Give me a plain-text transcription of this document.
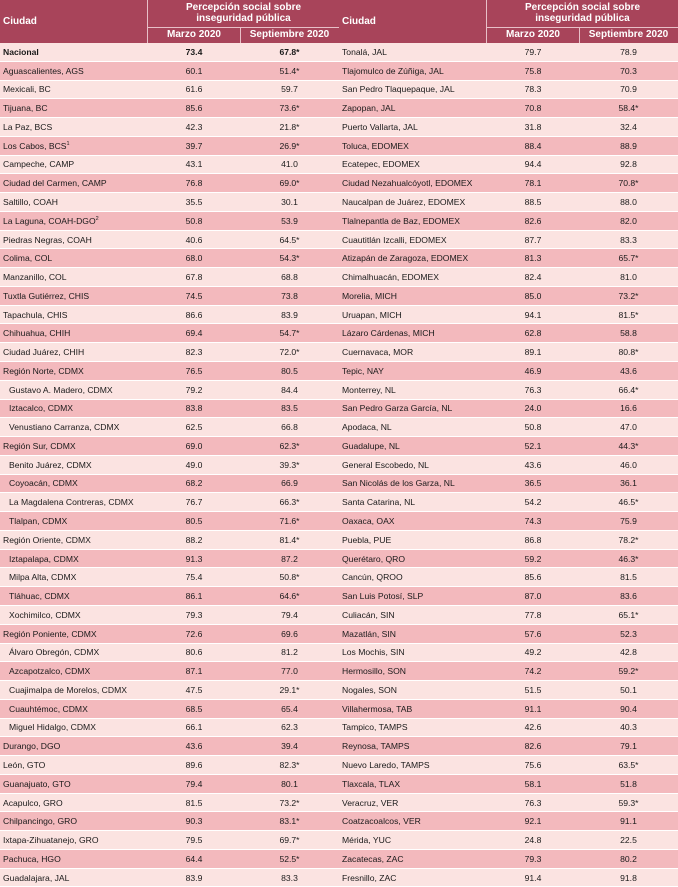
Ciudad
Percepción social sobre
inseguridad pública
Marzo 2020	Septiembre 2020
Nacional	73.4	67.8*
Aguascalientes, AGS	60.1	51.4*
Mexicali, BC	61.6	59.7
Tijuana, BC	85.6	73.6*
La Paz, BCS	42.3	21.8*
Los Cabos, BCS$^1$	39.7	26.9*
Campeche, CAMP	43.1	41.0
Ciudad del Carmen, CAMP	76.8	69.0*
Saltillo, COAH	35.5	30.1
La Laguna, COAH-DGO$^2$	50.8	53.9
Piedras Negras, COAH	40.6	64.5*
Colima, COL	68.0	54.3*
Manzanillo, COL	67.8	68.8
Tuxtla Gutiérrez, CHIS	74.5	73.8
Tapachula, CHIS	86.6	83.9
Chihuahua, CHIH	69.4	54.7*
Ciudad Juárez, CHIH	82.3	72.0*
Región Norte, CDMX	76.5	80.5
Gustavo A. Madero, CDMX	79.2	84.4
Iztacalco, CDMX	83.8	83.5
Venustiano Carranza, CDMX	62.5	66.8
Región Sur, CDMX	69.0	62.3*
Benito Juárez, CDMX	49.0	39.3*
Coyoacán, CDMX	68.2	66.9
La Magdalena Contreras, CDMX	76.7	66.3*
Tlalpan, CDMX	80.5	71.6*
Región Oriente, CDMX	88.2	81.4*
Iztapalapa, CDMX	91.3	87.2
Milpa Alta, CDMX	75.4	50.8*
Tláhuac, CDMX	86.1	64.6*
Xochimilco, CDMX	79.3	79.4
Región Poniente, CDMX	72.6	69.6
Álvaro Obregón, CDMX	80.6	81.2
Azcapotzalco, CDMX	87.1	77.0
Cuajimalpa de Morelos, CDMX	47.5	29.1*
Cuauhtémoc, CDMX	68.5	65.4
Miguel Hidalgo, CDMX	66.1	62.3
Durango, DGO	43.6	39.4
León, GTO	89.6	82.3*
Guanajuato, GTO	79.4	80.1
Acapulco, GRO	81.5	73.2*
Chilpancingo, GRO	90.3	83.1*
Ixtapa-Zihuatanejo, GRO	79.5	69.7*
Pachuca, HGO	64.4	52.5*
Guadalajara, JAL	83.9	83.3
Ciudad
Percepción social sobre
inseguridad pública
Marzo 2020	Septiembre 2020
Tonalá, JAL	79.7	78.9
Tlajomulco de Zúñiga, JAL	75.8	70.3
San Pedro Tlaquepaque, JAL	78.3	70.9
Zapopan, JAL	70.8	58.4*
Puerto Vallarta, JAL	31.8	32.4
Toluca, EDOMEX	88.4	88.9
Ecatepec, EDOMEX	94.4	92.8
Ciudad Nezahualcóyotl, EDOMEX	78.1	70.8*
Naucalpan de Juárez, EDOMEX	88.5	88.0
Tlalnepantla de Baz, EDOMEX	82.6	82.0
Cuautitlán Izcalli, EDOMEX	87.7	83.3
Atizapán de Zaragoza, EDOMEX	81.3	65.7*
Chimalhuacán, EDOMEX	82.4	81.0
Morelia, MICH	85.0	73.2*
Uruapan, MICH	94.1	81.5*
Lázaro Cárdenas, MICH	62.8	58.8
Cuernavaca, MOR	89.1	80.8*
Tepic, NAY	46.9	43.6
Monterrey, NL	76.3	66.4*
San Pedro Garza García, NL	24.0	16.6
Apodaca, NL	50.8	47.0
Guadalupe, NL	52.1	44.3*
General Escobedo, NL	43.6	46.0
San Nicolás de los Garza, NL	36.5	36.1
Santa Catarina, NL	54.2	46.5*
Oaxaca, OAX	74.3	75.9
Puebla, PUE	86.8	78.2*
Querétaro, QRO	59.2	46.3*
Cancún, QROO	85.6	81.5
San Luis Potosí, SLP	87.0	83.6
Culiacán, SIN	77.8	65.1*
Mazatlán, SIN	57.6	52.3
Los Mochis, SIN	49.2	42.8
Hermosillo, SON	74.2	59.2*
Nogales, SON	51.5	50.1
Villahermosa, TAB	91.1	90.4
Tampico, TAMPS	42.6	40.3
Reynosa, TAMPS	82.6	79.1
Nuevo Laredo, TAMPS	75.6	63.5*
Tlaxcala, TLAX	58.1	51.8
Veracruz, VER	76.3	59.3*
Coatzacoalcos, VER	92.1	91.1
Mérida, YUC	24.8	22.5
Zacatecas, ZAC	79.3	80.2
Fresnillo, ZAC	91.4	91.8
